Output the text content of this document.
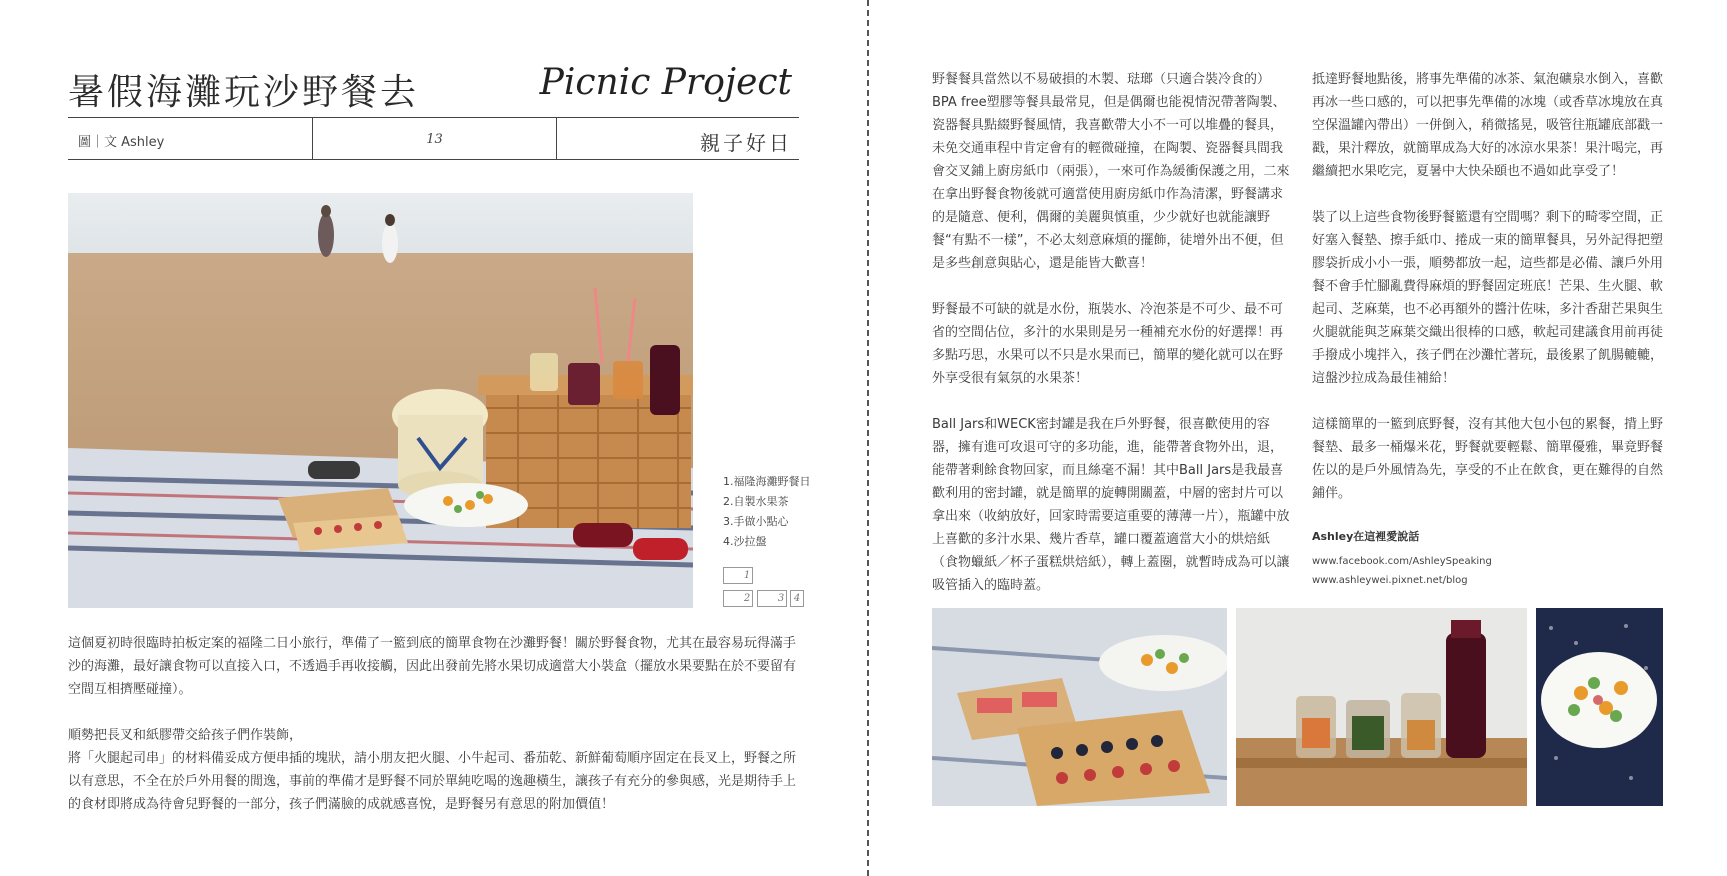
暑假海灘玩沙野餐去	Picnic Project
圖｜文 Ashley	13	親子好日
1.福隆海灘野餐日
2.自製水果茶
3.手做小點心
4.沙拉盤
1
2	3 4

這個夏初時很臨時拍板定案的福隆二日小旅行，準備了一籃到底的簡單食物在沙灘野餐！關於野餐食物，尤其在最容易玩得滿手沙的海灘，最好讓食物可以直接入口，不透過手再收接觸，因此出發前先將水果切成適當大小裝盒（擺放水果要點在於不要留有空間互相擠壓碰撞）。

順勢把長叉和紙膠帶交給孩子們作裝飾，
將「火腿起司串」的材料備妥成方便串插的塊狀，請小朋友把火腿、小牛起司、番茄乾、新鮮葡萄順序固定在長叉上，野餐之所以有意思，不全在於戶外用餐的閒逸，事前的準備才是野餐不同於單純吃喝的逸趣橫生，讓孩子有充分的參與感，光是期待手上的食材即將成為待會兒野餐的一部分，孩子們滿臉的成就感喜悅，是野餐另有意思的附加價值！

野餐餐具當然以不易破損的木製、琺瑯（只適合裝冷食的）BPA free塑膠等餐具最常見，但是偶爾也能視情況帶著陶製、瓷器餐具點綴野餐風情，我喜歡帶大小不一可以堆疊的餐具，未免交通車程中肯定會有的輕微碰撞，在陶製、瓷器餐具間我會交叉鋪上廚房紙巾（兩張），一來可作為緩衝保護之用，二來在拿出野餐食物後就可適當使用廚房紙巾作為清潔，野餐講求的是隨意、便利，偶爾的美麗與慎重，少少就好也就能讓野餐“有點不一樣”，不必太刻意麻煩的擺飾，徒增外出不便，但是多些創意與貼心，還是能皆大歡喜！

野餐最不可缺的就是水份，瓶裝水、冷泡茶是不可少、最不可省的空間佔位，多汁的水果則是另一種補充水份的好選擇！再多點巧思，水果可以不只是水果而已，簡單的變化就可以在野外享受很有氣氛的水果茶！

Ball Jars和WECK密封罐是我在戶外野餐，很喜歡使用的容器，擁有進可攻退可守的多功能，進，能帶著食物外出，退，能帶著剩餘食物回家，而且絲毫不漏！其中Ball Jars是我最喜歡利用的密封罐，就是簡單的旋轉開關蓋，中層的密封片可以拿出來（收納放好，回家時需要這重要的薄薄一片），瓶罐中放上喜歡的多汁水果、幾片香草，罐口覆蓋適當大小的烘焙紙（食物蠟紙／杯子蛋糕烘焙紙），轉上蓋圈，就暫時成為可以讓吸管插入的臨時蓋。

抵達野餐地點後，將事先準備的冰茶、氣泡礦泉水倒入，喜歡再冰一些口感的，可以把事先準備的冰塊（或香草冰塊放在真空保溫罐內帶出）一併倒入，稍微搖晃，吸管往瓶罐底部戳一戳，果汁釋放，就簡單成為大好的冰涼水果茶！果汁喝完，再繼續把水果吃完，夏暑中大快朵頤也不過如此享受了！

裝了以上這些食物後野餐籃還有空間嗎？剩下的畸零空間，正好塞入餐墊、擦手紙巾、捲成一束的簡單餐具，另外記得把塑膠袋折成小小一張，順勢都放一起，這些都是必備、讓戶外用餐不會手忙腳亂費得麻煩的野餐固定班底！芒果、生火腿、軟起司、芝麻葉，也不必再額外的醬汁佐味，多汁香甜芒果與生火腿就能與芝麻葉交織出很棒的口感，軟起司建議食用前再徒手撥成小塊拌入，孩子們在沙灘忙著玩，最後累了飢腸轆轆，這盤沙拉成為最佳補給！

這樣簡單的一籃到底野餐，沒有其他大包小包的累餐，揹上野餐墊、最多一桶爆米花，野餐就要輕鬆、簡單優雅，畢竟野餐佐以的是戶外風情為先，享受的不止在飲食，更在難得的自然鋪伴。

Ashley在這裡愛說話
www.facebook.com/AshleySpeaking
www.ashleywei.pixnet.net/blog
